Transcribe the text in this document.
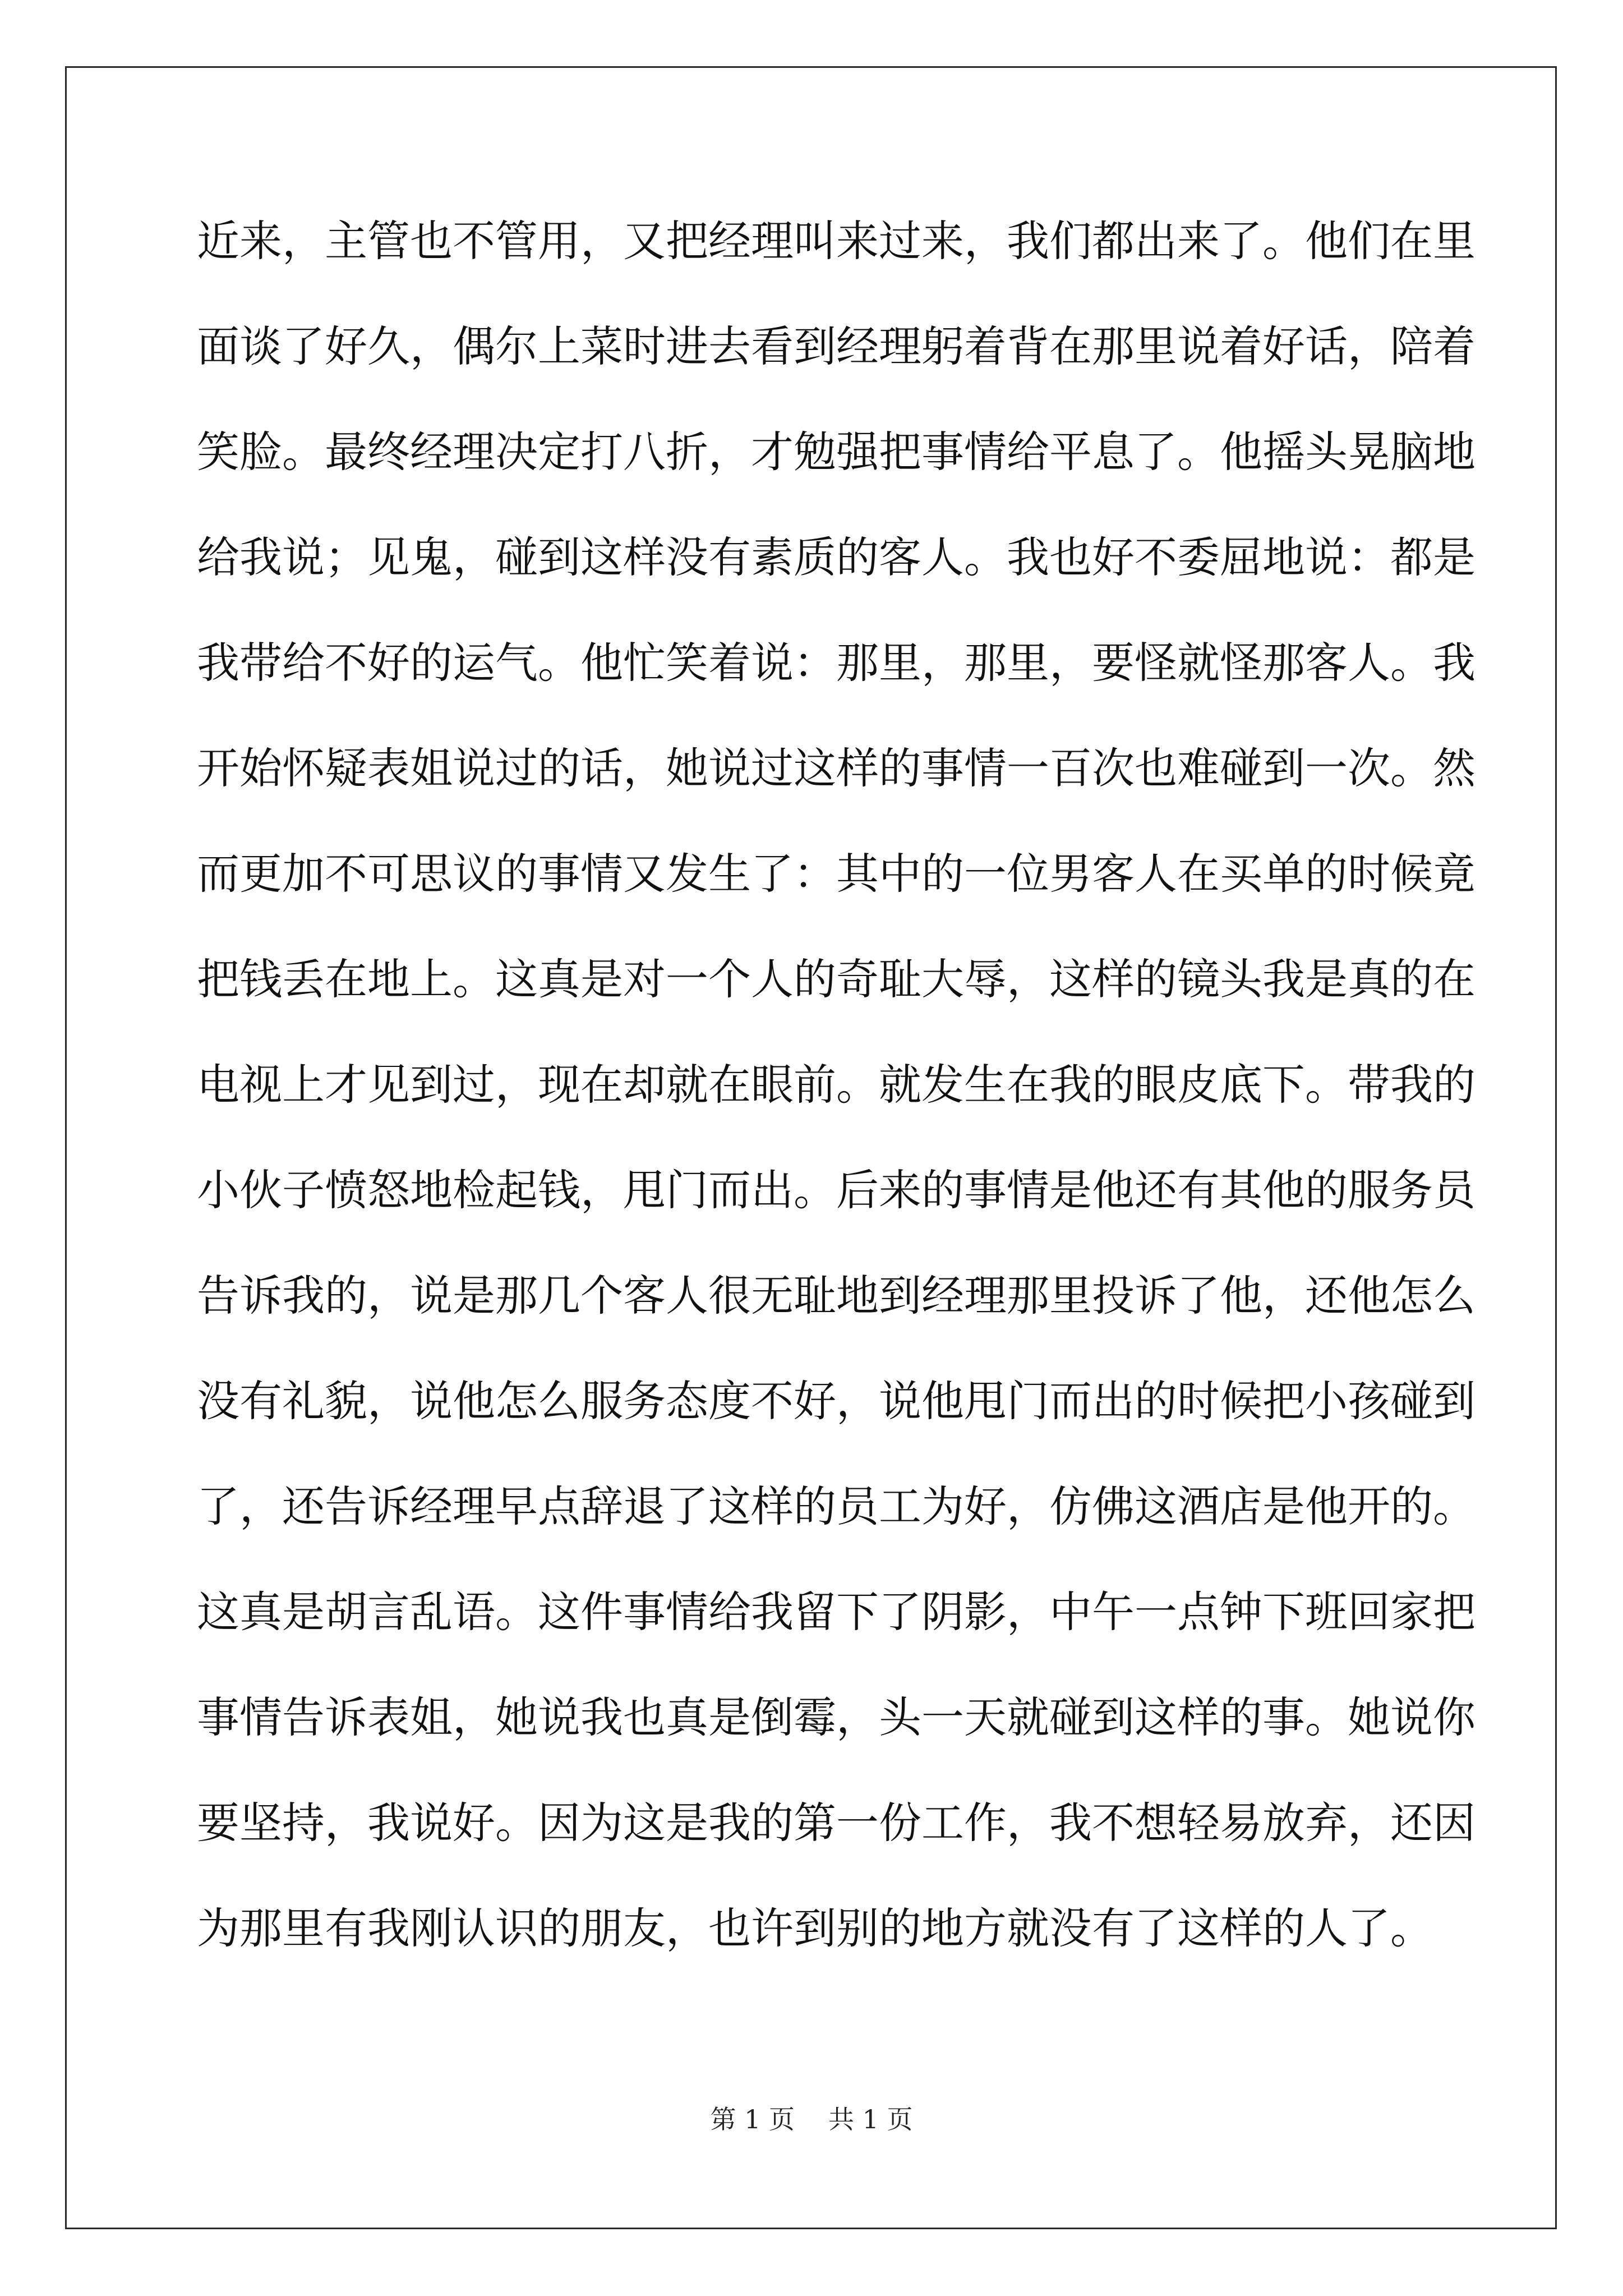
近来，主管也不管用，又把经理叫来过来，我们都出来了。他们在里
面谈了好久，偶尔上菜时进去看到经理躬着背在那里说着好话，陪着
笑脸。最终经理决定打八折，才勉强把事情给平息了。他摇头晃脑地
给我说；见鬼，碰到这样没有素质的客人。我也好不委屈地说：都是
我带给不好的运气。他忙笑着说：那里，那里，要怪就怪那客人。我
开始怀疑表姐说过的话，她说过这样的事情一百次也难碰到一次。然
而更加不可思议的事情又发生了：其中的一位男客人在买单的时候竟
把钱丢在地上。这真是对一个人的奇耻大辱，这样的镜头我是真的在
电视上才见到过，现在却就在眼前。就发生在我的眼皮底下。带我的
小伙子愤怒地检起钱，甩门而出。后来的事情是他还有其他的服务员
告诉我的，说是那几个客人很无耻地到经理那里投诉了他，还他怎么
没有礼貌，说他怎么服务态度不好，说他甩门而出的时候把小孩碰到
了，还告诉经理早点辞退了这样的员工为好，仿佛这酒店是他开的。
这真是胡言乱语。这件事情给我留下了阴影，中午一点钟下班回家把
事情告诉表姐，她说我也真是倒霉，头一天就碰到这样的事。她说你
要坚持，我说好。因为这是我的第一份工作，我不想轻易放弃，还因
为那里有我刚认识的朋友，也许到别的地方就没有了这样的人了。
第 1 页 共 1 页
